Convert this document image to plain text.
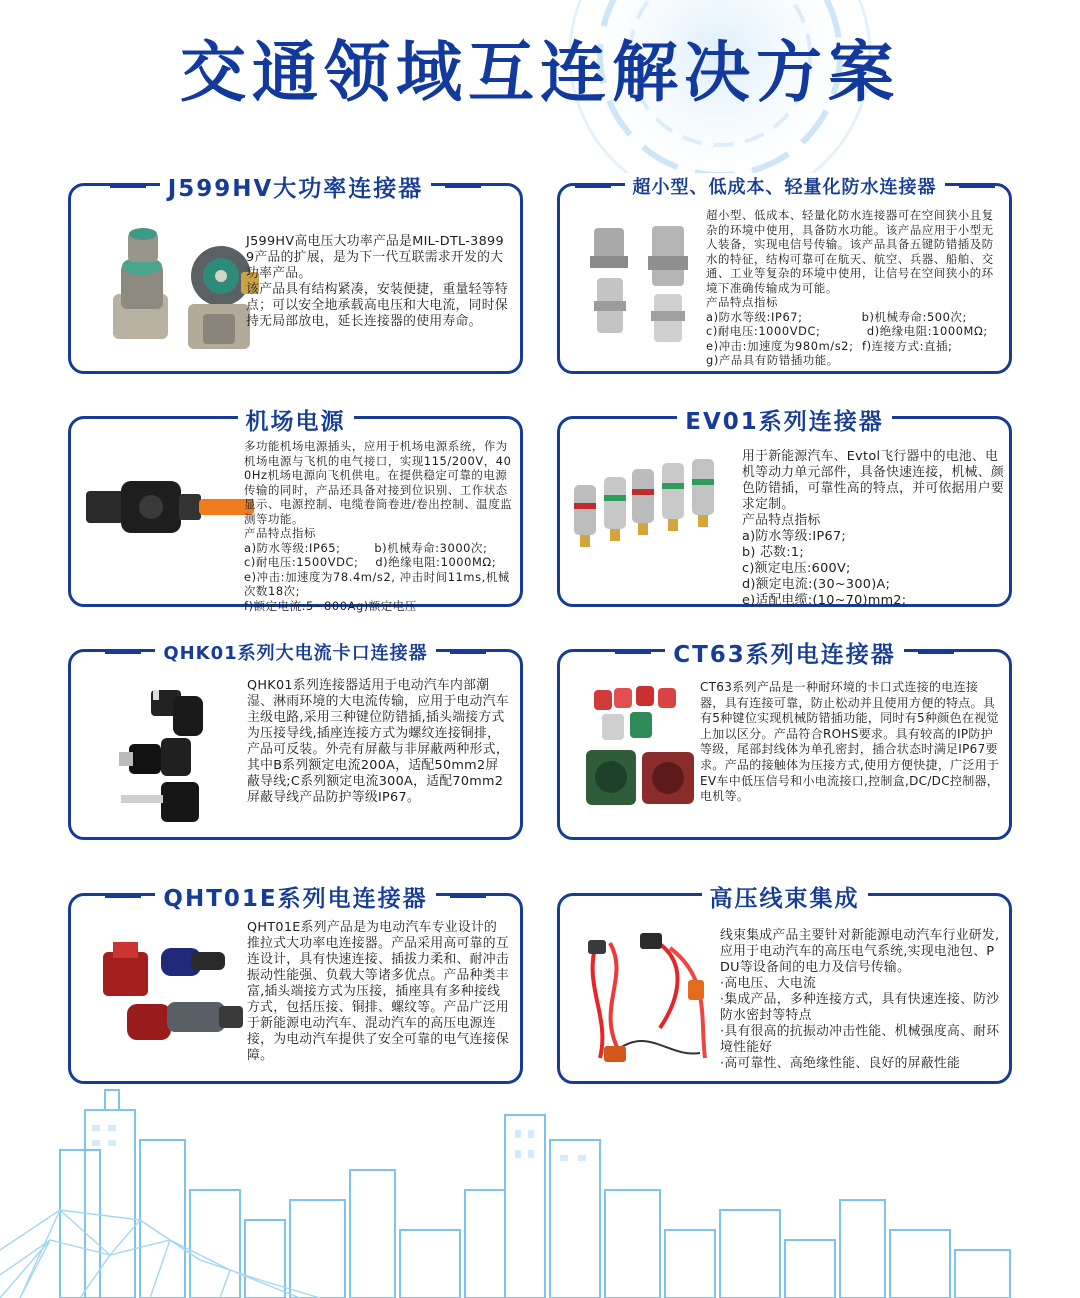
交通领域互连解决方案
J599HV大功率连接器
J599HV高电压大功率产品是MIL-DTL-38999产品的扩展，是为下一代互联需求开发的大功率产品。
该产品具有结构紧凑，安装便捷，重量轻等特点；可以安全地承载高电压和大电流，同时保持无局部放电，延长连接器的使用寿命。
超小型、低成本、轻量化防水连接器
超小型、低成本、轻量化防水连接器可在空间狭小且复杂的环境中使用，具备防水功能。该产品应用于小型无人装备，实现电信号传输。该产品具备五键防错插及防水的特征，结构可靠可在航天、航空、兵器、船舶、交通、工业等复杂的环境中使用，让信号在空间狭小的环境下准确传输成为可能。
产品特点指标
a)防水等级:IP67;              b)机械寿命:500次;
c)耐电压:1000VDC;           d)绝缘电阻:1000MΩ;
e)冲击:加速度为980m/s2;  f)连接方式:直插;
g)产品具有防错插功能。
机场电源
多功能机场电源插头，应用于机场电源系统，作为机场电源与飞机的电气接口，实现115/200V，400Hz机场电源向飞机供电。在提供稳定可靠的电源传输的同时，产品还具备对接到位识别、工作状态显示、电源控制、电缆卷筒卷进/卷出控制、温度监测等功能。
产品特点指标
a)防水等级:IP65;        b)机械寿命:3000次;
c)耐电压:1500VDC;    d)绝缘电阻:1000MΩ;
e)冲击:加速度为78.4m/s2, 冲击时间11ms,机械次数18次;
f)额定电流:5~800Ag)额定电压
EV01系列连接器
用于新能源汽车、Evtol飞行器中的电池、电机等动力单元部件，具备快速连接，机械、颜色防错插，可靠性高的特点，并可依据用户要求定制。
产品特点指标
a)防水等级:IP67;
b) 芯数:1;
c)额定电压:600V;
d)额定电流:(30~300)A;
e)适配电缆:(10~70)mm2;
QHK01系列大电流卡口连接器
QHK01系列连接器适用于电动汽车内部潮湿、淋雨环境的大电流传输，应用于电动汽车主级电路,采用三种键位防错插,插头端接方式为压接导线,插座连接方式为螺纹连接铜排，产品可反装。外壳有屏蔽与非屏蔽两种形式，其中B系列额定电流200A，适配50mm2屏蔽导线;C系列额定电流300A，适配70mm2屏蔽导线产品防护等级IP67。
CT63系列电连接器
CT63系列产品是一种耐环境的卡口式连接的电连接器，具有连接可靠，防止松动并且使用方便的特点。具有5种键位实现机械防错插功能，同时有5种颜色在视觉上加以区分。产品符合ROHS要求。具有较高的IP防护等级，尾部封线体为单孔密封，插合状态时满足IP67要求。产品的接触体为压接方式,使用方便快捷，广泛用于EV车中低压信号和小电流接口,控制盒,DC/DC控制器，电机等。
QHT01E系列电连接器
QHT01E系列产品是为电动汽车专业设计的推拉式大功率电连接器。产品采用高可靠的互连设计，具有快速连接、插拔力柔和、耐冲击振动性能强、负载大等诸多优点。产品种类丰富,插头端接方式为压接，插座具有多种接线方式，包括压接、铜排、螺纹等。产品广泛用于新能源电动汽车、混动汽车的高压电源连接，为电动汽车提供了安全可靠的电气连接保障。
高压线束集成
线束集成产品主要针对新能源电动汽车行业研发,应用于电动汽车的高压电气系统,实现电池包、PDU等设备间的电力及信号传输。
·高电压、大电流
·集成产品，多种连接方式，具有快速连接、防沙防水密封等特点
·具有很高的抗振动冲击性能、机械强度高、耐环境性能好
·高可靠性、高绝缘性能、良好的屏蔽性能
